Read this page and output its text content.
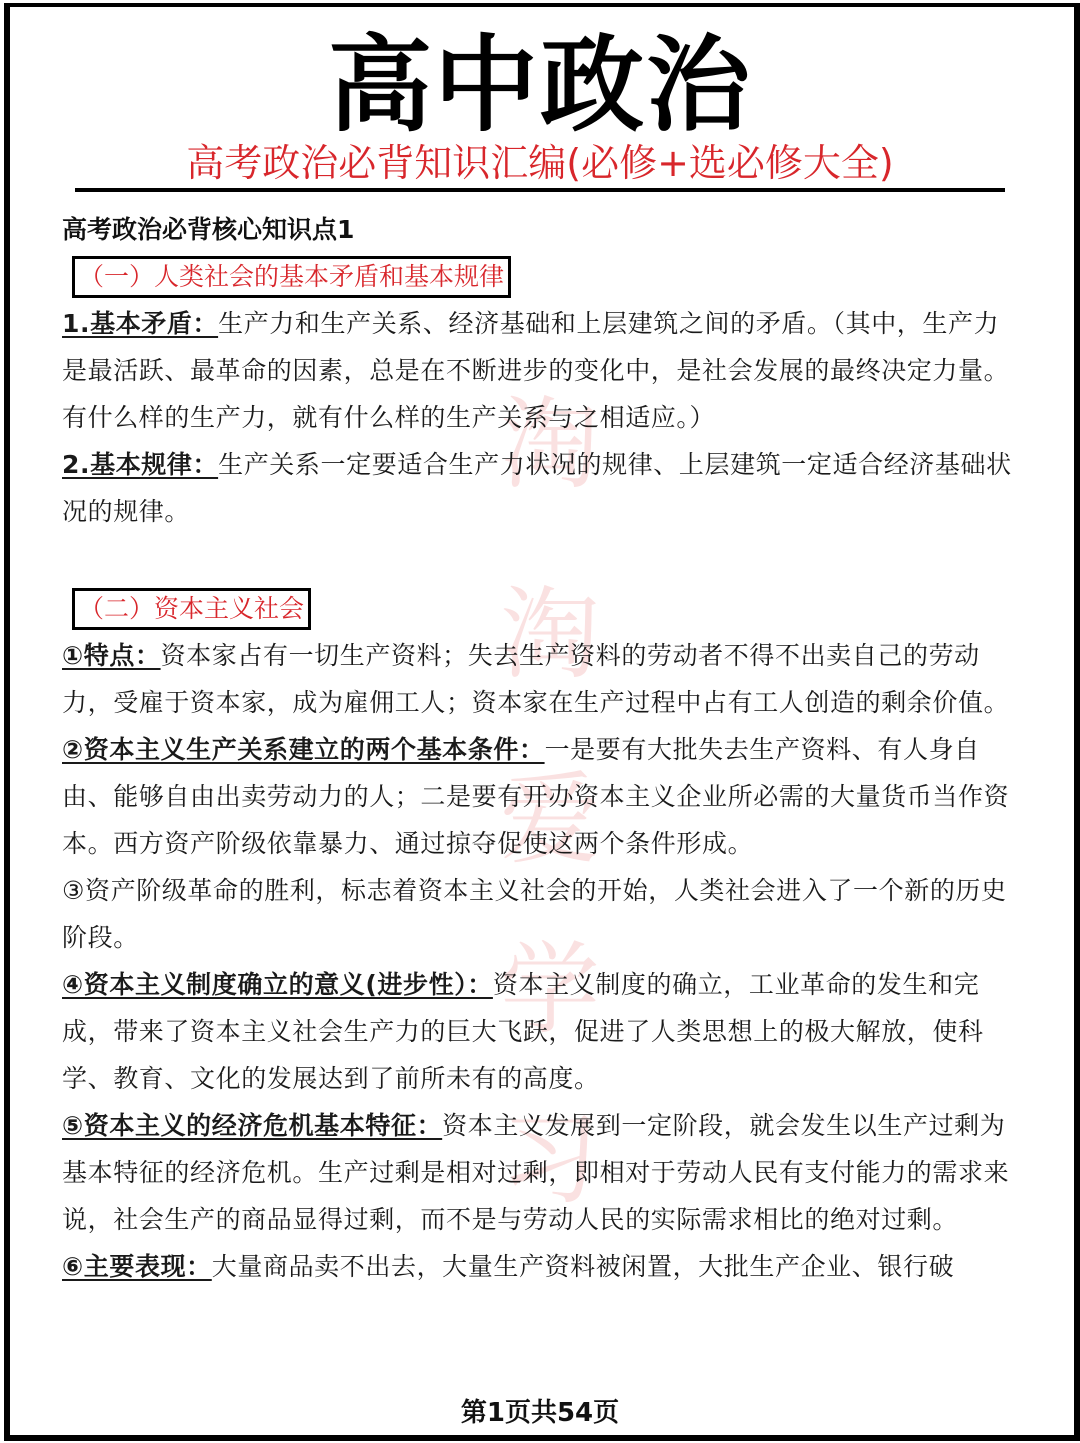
淘
淘
爱
学
习
高中政治
高考政治必背知识汇编(必修+选必修大全)
高考政治必背核心知识点1
（一）人类社会的基本矛盾和基本规律

1.基本矛盾：生产力和生产关系、经济基础和上层建筑之间的矛盾。（其中，生产力是最活跃、最革命的因素，总是在不断进步的变化中，是社会发展的最终决定力量。有什么样的生产力，就有什么样的生产关系与之相适应。）

2.基本规律：生产关系一定要适合生产力状况的规律、上层建筑一定适合经济基础状况的规律。

（二）资本主义社会

①特点：资本家占有一切生产资料；失去生产资料的劳动者不得不出卖自己的劳动力，受雇于资本家，成为雇佣工人；资本家在生产过程中占有工人创造的剩余价值。

②资本主义生产关系建立的两个基本条件：一是要有大批失去生产资料、有人身自由、能够自由出卖劳动力的人；二是要有开办资本主义企业所必需的大量货币当作资本。西方资产阶级依靠暴力、通过掠夺促使这两个条件形成。

③资产阶级革命的胜利，标志着资本主义社会的开始，人类社会进入了一个新的历史阶段。

④资本主义制度确立的意义(进步性）：资本主义制度的确立，工业革命的发生和完成，带来了资本主义社会生产力的巨大飞跃，促进了人类思想上的极大解放，使科学、教育、文化的发展达到了前所未有的高度。

⑤资本主义的经济危机基本特征：资本主义发展到一定阶段，就会发生以生产过剩为基本特征的经济危机。生产过剩是相对过剩，即相对于劳动人民有支付能力的需求来说，社会生产的商品显得过剩，而不是与劳动人民的实际需求相比的绝对过剩。

⑥主要表现：大量商品卖不出去，大量生产资料被闲置，大批生产企业、银行破

第1页共54页
